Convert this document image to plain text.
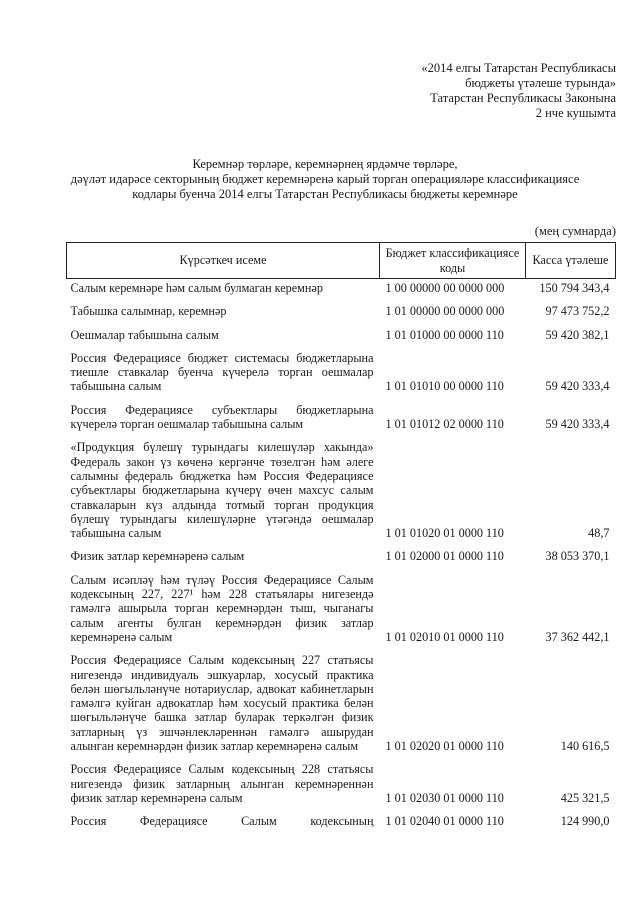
«2014 елгы Татарстан Республикасы
бюджеты үтәлеше турында»
Татарстан Республикасы Законына
2 нче кушымта
Керемнәр төрләре, керемнәрнең ярдәмче төрләре,
дәүләт идарәсе секторының бюджет керемнәренә карый торган операцияләре классификациясе
кодлары буенча 2014 елгы Татарстан Республикасы бюджеты керемнәре
(мең сумнарда)
Күрсәткеч исеме	Бюджет классификациясе коды	Касса үтәлеше
Салым керемнәре һәм салым булмаган керемнәр	1 00 00000 00 0000 000	150 794 343,4
Табышка салымнар, керемнәр	1 01 00000 00 0000 000	97 473 752,2
Оешмалар табышына салым	1 01 01000 00 0000 110	59 420 382,1
Россия Федерациясе бюджет системасы бюджетларына тиешле ставкалар буенча күчерелә торган оешмалар табышына салым	1 01 01010 00 0000 110	59 420 333,4
Россия Федерациясе субъектлары бюджетларына күчерелә торган оешмалар табышына салым	1 01 01012 02 0000 110	59 420 333,4
«Продукция бүлешү турындагы килешүләр хакында» Федераль закон үз көченә кергәнче төзелгән һәм әлеге салымны федераль бюджетка һәм Россия Федерациясе субъектлары бюджетларына күчерү өчен махсус салым ставкаларын күз алдында тотмый торган продукция бүлешү турындагы килешүләрне үтәгәндә оешмалар табышына салым	1 01 01020 01 0000 110	48,7
Физик затлар керемнәренә салым	1 01 02000 01 0000 110	38 053 370,1
Салым исәпләү һәм түләү Россия Федерациясе Салым кодексының 227, 227¹ һәм 228 статьялары нигезендә гамәлгә ашырыла торган керемнәрдән тыш, чыганагы салым агенты булган керемнәрдән физик затлар керемнәренә салым	1 01 02010 01 0000 110	37 362 442,1
Россия Федерациясе Салым кодексының 227 статьясы нигезендә индивидуаль эшкуарлар, хосусый практика белән шөгыльләнүче нотариуслар, адвокат кабинетларын гамәлгә куйган адвокатлар һәм хосусый практика белән шөгыльләнүче башка затлар буларак теркәлгән физик затларның үз эшчәнлекләреннән гамәлгә ашырудан алынган керемнәрдән физик затлар керемнәренә салым	1 01 02020 01 0000 110	140 616,5
Россия Федерациясе Салым кодексының 228 статьясы нигезендә физик затларның алынган керемнәреннән физик затлар керемнәренә салым	1 01 02030 01 0000 110	425 321,5
Россия Федерациясе Салым кодексының	1 01 02040 01 0000 110	124 990,0
